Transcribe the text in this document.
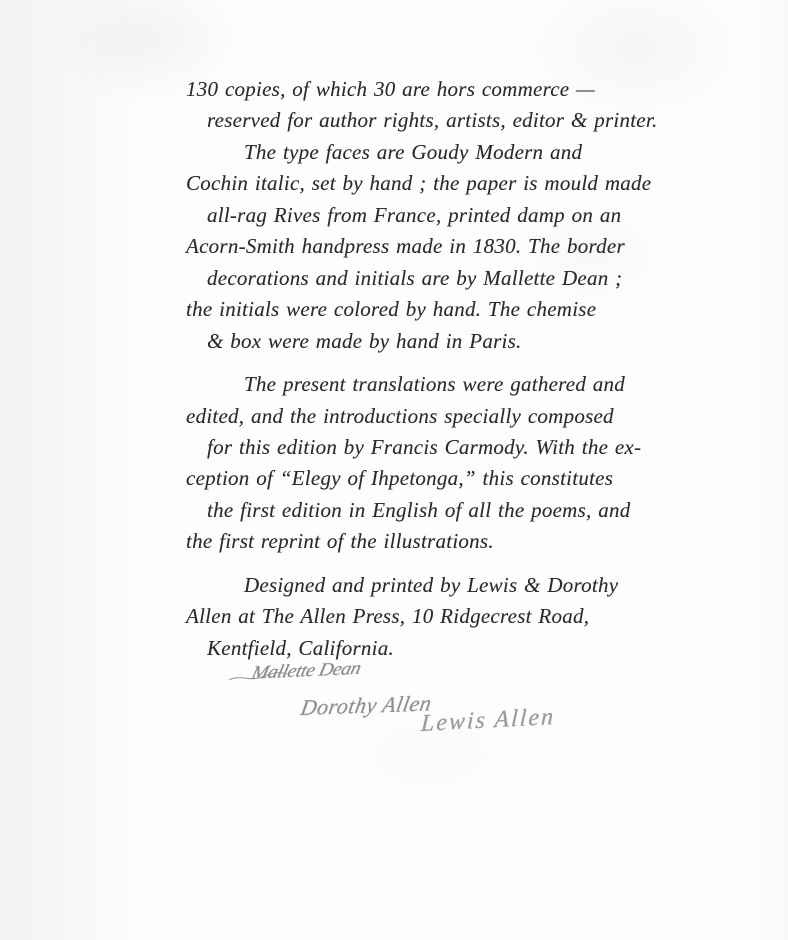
130 copies, of which 30 are hors commerce —
reserved for author rights, artists, editor & printer.
The type faces are Goudy Modern and
Cochin italic, set by hand ; the paper is mould made
all-rag Rives from France, printed damp on an
Acorn-Smith handpress made in 1830. The border
decorations and initials are by Mallette Dean ;
the initials were colored by hand. The chemise
& box were made by hand in Paris.
The present translations were gathered and
edited, and the introductions specially composed
for this edition by Francis Carmody. With the ex-
ception of “Elegy of Ihpetonga,” this constitutes
the first edition in English of all the poems, and
the first reprint of the illustrations.
Designed and printed by Lewis & Dorothy
Allen at The Allen Press, 10 Ridgecrest Road,
Kentfield, California.
Mallette Dean
Dorothy Allen
Lewis Allen
